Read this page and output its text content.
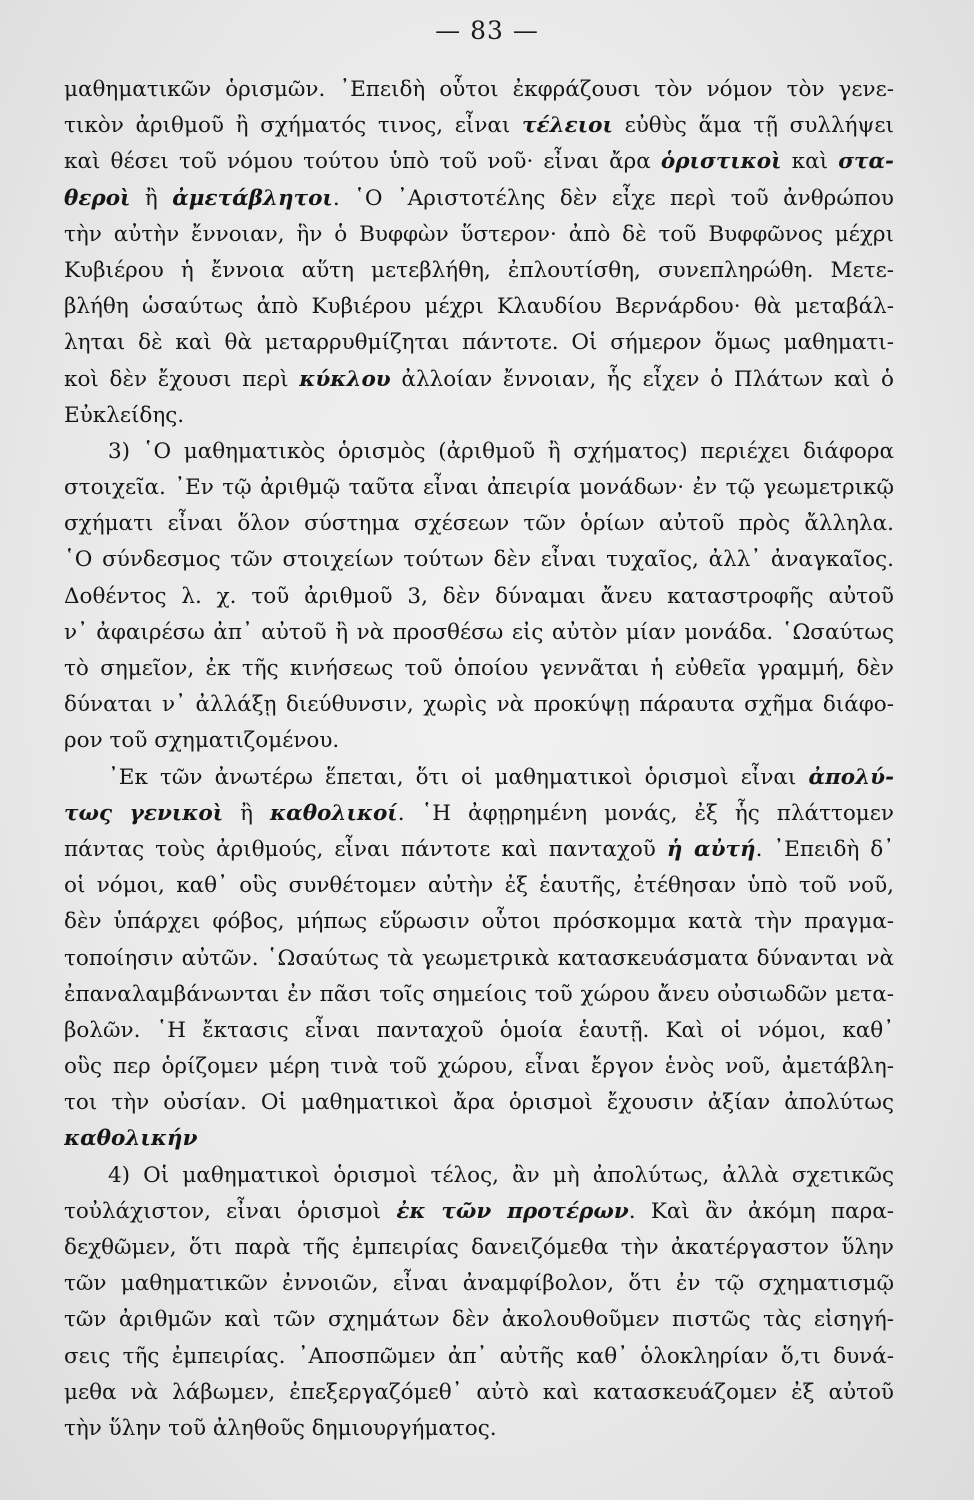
— 83 —
μαθηματικῶν ὁρισμῶν. ᾿Επειδὴ οὗτοι ἐκφράζουσι τὸν νόμον τὸν γενε-
τικὸν ἀριθμοῦ ἢ σχήματός τινος, εἶναι τέλειοι εὐθὺς ἅμα τῇ συλλήψει
καὶ θέσει τοῦ νόμου τούτου ὑπὸ τοῦ νοῦ· εἶναι ἄρα ὁριστικοὶ καὶ στα-
θεροὶ ἢ ἀμετάβλητοι. ῾Ο ᾿Αριστοτέλης δὲν εἶχε περὶ τοῦ ἀνθρώπου
τὴν αὐτὴν ἔννοιαν, ἣν ὁ Βυφφὼν ὕστερον· ἀπὸ δὲ τοῦ Βυφφῶνος μέχρι
Κυβιέρου ἡ ἔννοια αὕτη μετεβλήθη, ἐπλουτίσθη, συνεπληρώθη. Μετε-
βλήθη ὡσαύτως ἀπὸ Κυβιέρου μέχρι Κλαυδίου Βερνάρδου· θὰ μεταβάλ-
ληται δὲ καὶ θὰ μεταρρυθμίζηται πάντοτε. Οἱ σήμερον ὅμως μαθηματι-
κοὶ δὲν ἔχουσι περὶ κύκλου ἀλλοίαν ἔννοιαν, ἧς εἶχεν ὁ Πλάτων καὶ ὁ
Εὐκλείδης.
3) ῾Ο μαθηματικὸς ὁρισμὸς (ἀριθμοῦ ἢ σχήματος) περιέχει διάφορα
στοιχεῖα. ᾿Εν τῷ ἀριθμῷ ταῦτα εἶναι ἀπειρία μονάδων· ἐν τῷ γεωμετρικῷ
σχήματι εἶναι ὅλον σύστημα σχέσεων τῶν ὁρίων αὐτοῦ πρὸς ἄλληλα.
῾Ο σύνδεσμος τῶν στοιχείων τούτων δὲν εἶναι τυχαῖος, ἀλλ᾽ ἀναγκαῖος.
Δοθέντος λ. χ. τοῦ ἀριθμοῦ 3, δὲν δύναμαι ἄνευ καταστροφῆς αὐτοῦ
ν᾽ ἀφαιρέσω ἀπ᾽ αὐτοῦ ἢ νὰ προσθέσω εἰς αὐτὸν μίαν μονάδα. ῾Ωσαύτως
τὸ σημεῖον, ἐκ τῆς κινήσεως τοῦ ὁποίου γεννᾶται ἡ εὐθεῖα γραμμή, δὲν
δύναται ν᾽ ἀλλάξῃ διεύθυνσιν, χωρὶς νὰ προκύψῃ πάραυτα σχῆμα διάφο-
ρον τοῦ σχηματιζομένου.
᾿Εκ τῶν ἀνωτέρω ἕπεται, ὅτι οἱ μαθηματικοὶ ὁρισμοὶ εἶναι ἀπολύ-
τως γενικοὶ ἢ καθολικοί. ῾Η ἀφῃρημένη μονάς, ἐξ ἧς πλάττομεν
πάντας τοὺς ἀριθμούς, εἶναι πάντοτε καὶ πανταχοῦ ἡ αὐτή. ᾿Επειδὴ δ᾽
οἱ νόμοι, καθ᾽ οὓς συνθέτομεν αὐτὴν ἐξ ἑαυτῆς, ἐτέθησαν ὑπὸ τοῦ νοῦ,
δὲν ὑπάρχει φόβος, μήπως εὕρωσιν οὗτοι πρόσκομμα κατὰ τὴν πραγμα-
τοποίησιν αὐτῶν. ῾Ωσαύτως τὰ γεωμετρικὰ κατασκευάσματα δύνανται νὰ
ἐπαναλαμβάνωνται ἐν πᾶσι τοῖς σημείοις τοῦ χώρου ἄνευ οὐσιωδῶν μετα-
βολῶν. ῾Η ἔκτασις εἶναι πανταχοῦ ὁμοία ἑαυτῇ. Καὶ οἱ νόμοι, καθ᾽
οὓς περ ὁρίζομεν μέρη τινὰ τοῦ χώρου, εἶναι ἔργον ἑνὸς νοῦ, ἀμετάβλη-
τοι τὴν οὐσίαν. Οἱ μαθηματικοὶ ἄρα ὁρισμοὶ ἔχουσιν ἀξίαν ἀπολύτως
καθολικήν
4) Οἱ μαθηματικοὶ ὁρισμοὶ τέλος, ἂν μὴ ἀπολύτως, ἀλλὰ σχετικῶς
τοὐλάχιστον, εἶναι ὁρισμοὶ ἐκ τῶν προτέρων. Καὶ ἂν ἀκόμη παρα-
δεχθῶμεν, ὅτι παρὰ τῆς ἐμπειρίας δανειζόμεθα τὴν ἀκατέργαστον ὕλην
τῶν μαθηματικῶν ἐννοιῶν, εἶναι ἀναμφίβολον, ὅτι ἐν τῷ σχηματισμῷ
τῶν ἀριθμῶν καὶ τῶν σχημάτων δὲν ἀκολουθοῦμεν πιστῶς τὰς εἰσηγή-
σεις τῆς ἐμπειρίας. ᾿Αποσπῶμεν ἀπ᾽ αὐτῆς καθ᾽ ὁλοκληρίαν ὅ,τι δυνά-
μεθα νὰ λάβωμεν, ἐπεξεργαζόμεθ᾽ αὐτὸ καὶ κατασκευάζομεν ἐξ αὐτοῦ
τὴν ὕλην τοῦ ἀληθοῦς δημιουργήματος.
